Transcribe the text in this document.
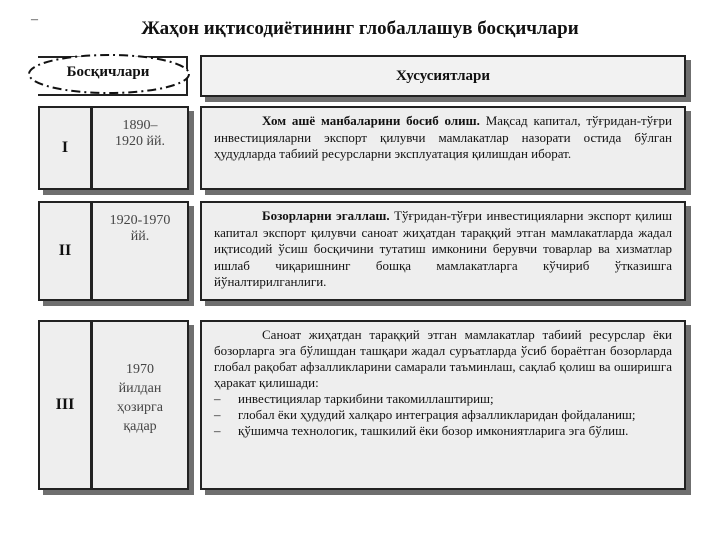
–	Жаҳон иқтисодиётининг глобаллашув босқичлари
Босқичлари	Хусусиятлари
I
1890–
1920 йй.

Хом ашё манбаларини босиб олиш. Мақсад капитал, тўғридан-тўғри инвестицияларни экспорт қилувчи мамлакатлар назорати остида бўлган ҳудудларда табиий ресурсларни эксплуатация қилишдан иборат.

II
1920-1970
йй.

Бозорларни эгаллаш. Тўғридан-тўғри инвестицияларни экспорт қилиш капитал экспорт қилувчи саноат жиҳатдан тараққий этган мамлакатларда жадал иқтисодий ўсиш босқичини тутатиш имконини берувчи товарлар ва хизматлар ишлаб чиқаришнинг бошқа мамлакатларга кўчириб ўтказишга йўналтирилганлиги.

III
1970
йилдан
ҳозирга
қадар

Саноат жиҳатдан тараққий этган мамлакатлар табиий ресурслар ёки бозорларга эга бўлишдан ташқари жадал суръатларда ўсиб бораётган бозорларда глобал рақобат афзалликларини самарали таъминлаш, сақлаб қолиш ва оширишга ҳаракат қилишади:

– инвестициялар таркибини такомиллаштириш;
– глобал ёки ҳудудий халқаро интеграция афзалликларидан фойдаланиш;
– қўшимча технологик, ташкилий ёки бозор имкониятларига эга бўлиш.
